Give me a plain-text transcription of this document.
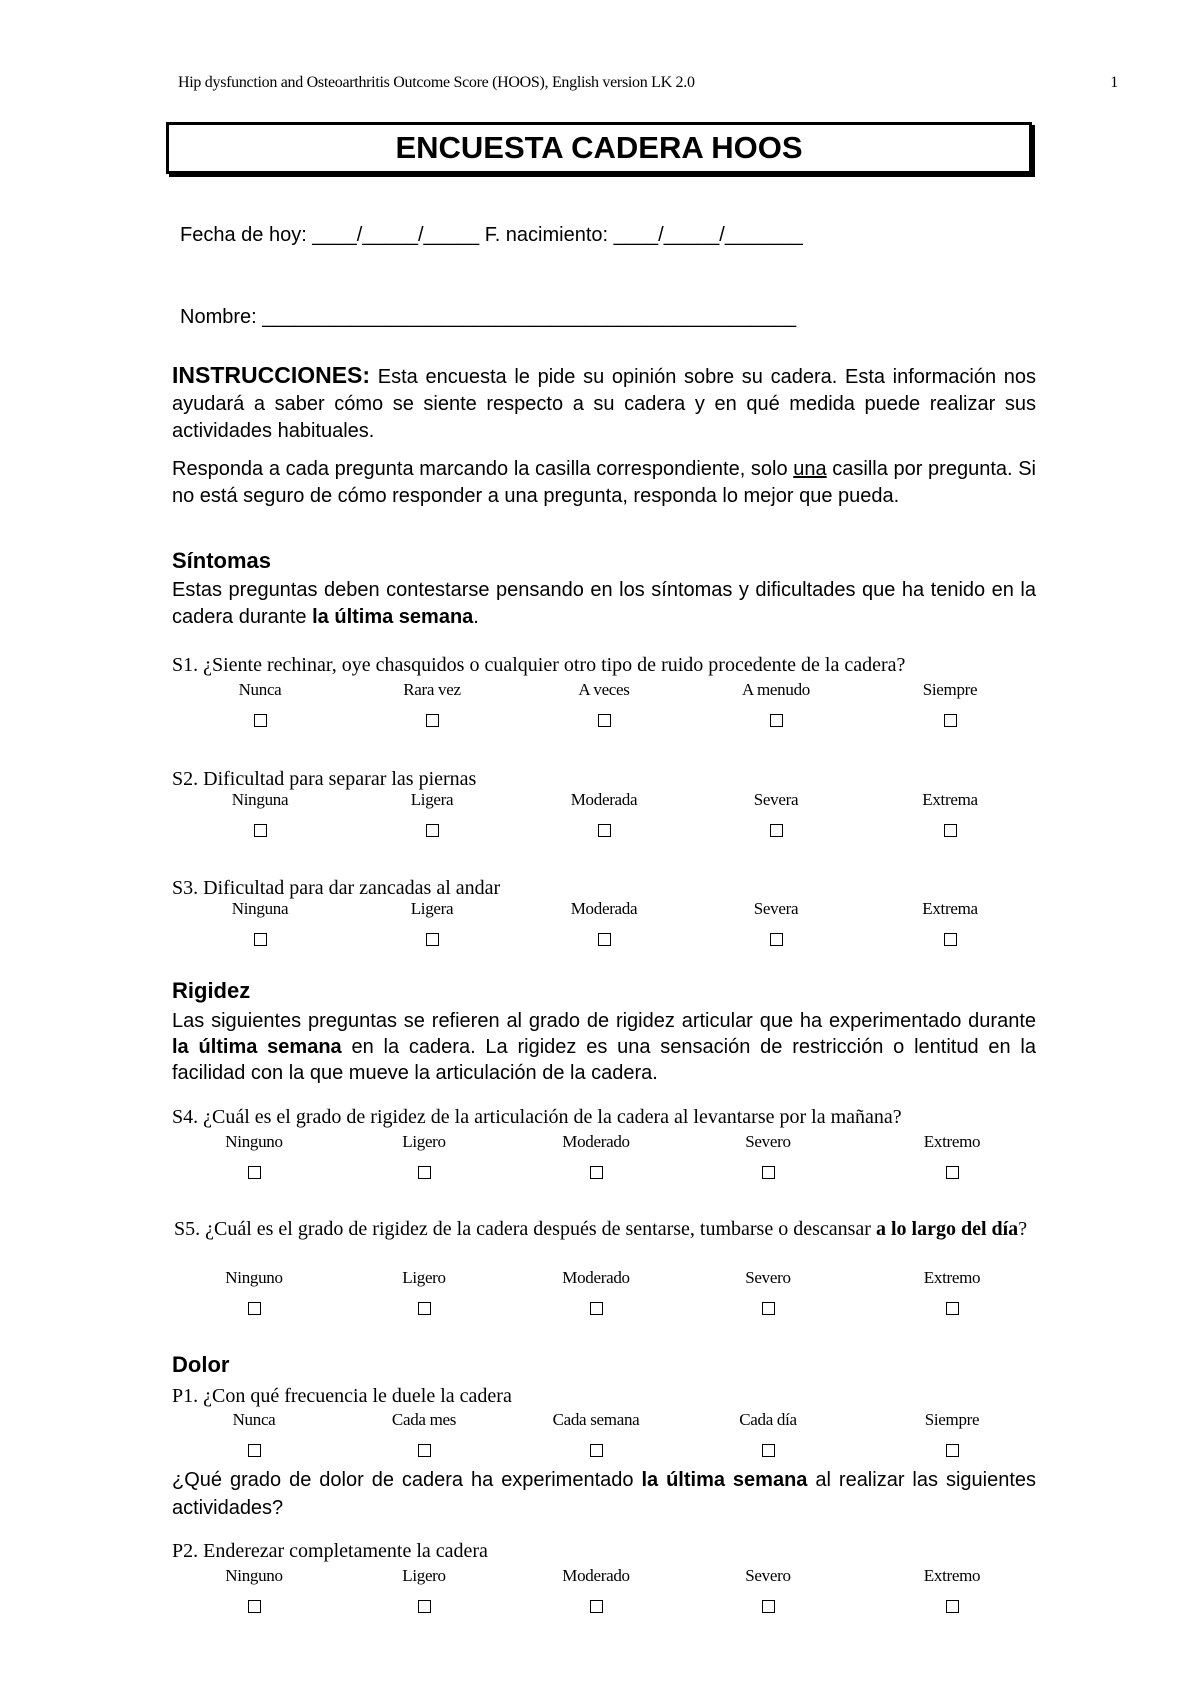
Hip dysfunction and Osteoarthritis Outcome Score (HOOS), English version LK 2.0	1
ENCUESTA CADERA HOOS
Fecha de hoy: ____/_____/_____ F. nacimiento: ____/_____/_______
Nombre: ________________________________________________
INSTRUCCIONES: Esta encuesta le pide su opinión sobre su cadera. Esta información nos ayudará a saber cómo se siente respecto a su cadera y en qué medida puede realizar sus actividades habituales.
Responda a cada pregunta marcando la casilla correspondiente, solo una casilla por pregunta. Si no está seguro de cómo responder a una pregunta, responda lo mejor que pueda.
Síntomas
Estas preguntas deben contestarse pensando en los síntomas y dificultades que ha tenido en la cadera durante la última semana.
S1. ¿Siente rechinar, oye chasquidos o cualquier otro tipo de ruido procedente de la cadera?
Nunca	Rara vez	A veces	A menudo	Siempre
S2. Dificultad para separar las piernas
Ninguna	Ligera	Moderada	Severa	Extrema
S3. Dificultad para dar zancadas al andar
Ninguna	Ligera	Moderada	Severa	Extrema
Rigidez
Las siguientes preguntas se refieren al grado de rigidez articular que ha experimentado durante la última semana en la cadera. La rigidez es una sensación de restricción o lentitud en la facilidad con la que mueve la articulación de la cadera.
S4. ¿Cuál es el grado de rigidez de la articulación de la cadera al levantarse por la mañana?
Ninguno	Ligero	Moderado	Severo	Extremo
S5. ¿Cuál es el grado de rigidez de la cadera después de sentarse, tumbarse o descansar a lo largo del día?
Ninguno	Ligero	Moderado	Severo	Extremo
Dolor
P1. ¿Con qué frecuencia le duele la cadera
Nunca	Cada mes	Cada semana	Cada día	Siempre
¿Qué grado de dolor de cadera ha experimentado la última semana al realizar las siguientes actividades?
P2. Enderezar completamente la cadera
Ninguno	Ligero	Moderado	Severo	Extremo
